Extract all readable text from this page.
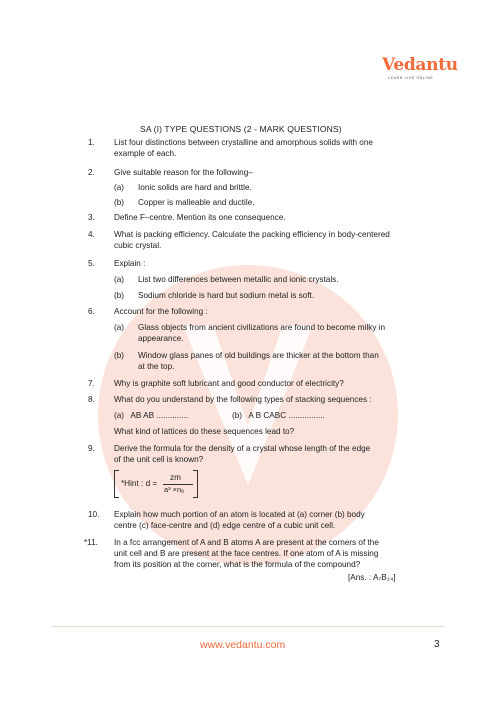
Vedantu
LEARN LIVE ONLINE
SA (I) TYPE QUESTIONS (2 - MARK QUESTIONS)
1. List four distinctions between crystalline and amorphous solids with one
example of each.
2. Give suitable reason for the following–
(a) Ionic solids are hard and brittle.
(b) Copper is malleable and ductile.
3. Define F–centre. Mention its one consequence.
4. What is packing efficiency. Calculate the packing efficiency in body-centered
cubic crystal.
5. Explain :
(a) List two differences between metallic and ionic crystals.
(b) Sodium chloride is hard but sodium metal is soft.
6. Account for the following :
(a) Glass objects from ancient civilizations are found to become milky in
appearance.
(b) Window glass panes of old buildings are thicker at the bottom than
at the top.
7. Why is graphite soft lubricant and good conductor of electricity?
8. What do you understand by the following types of stacking sequences :
(a)   AB AB ..............	(b)   A B CABC ................
What kind of lattices do these sequences lead to?
9. Derive the formula for the density of a crystal whose length of the edge
of the unit cell is known?
*Hint : d =
zm
a³ ×nₐ
10. Explain how much portion of an atom is located at (a) corner (b) body
centre (c) face-centre and (d) edge centre of a cubic unit cell.
*11. In a fcc arrangement of A and B atoms A are present at the corners of the
unit cell and B are present at the face centres. If one atom of A is missing
from its position at the corner, what is the formula of the compound?
[Ans. : A₇B₂₄]
www.vedantu.com	3
